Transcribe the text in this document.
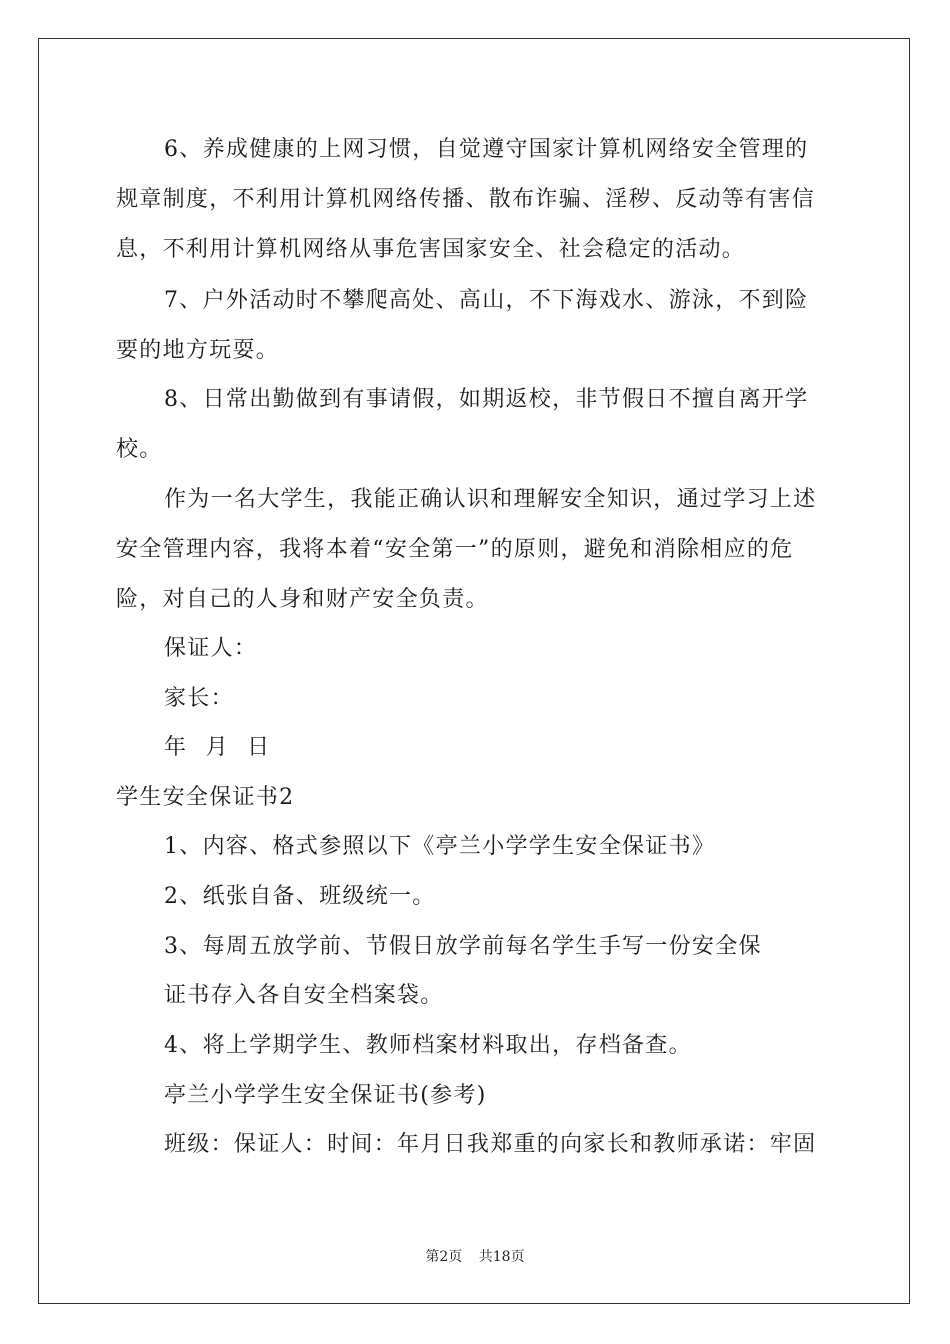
6、养成健康的上网习惯，自觉遵守国家计算机网络安全管理的
规章制度，不利用计算机网络传播、散布诈骗、淫秽、反动等有害信
息，不利用计算机网络从事危害国家安全、社会稳定的活动。
7、户外活动时不攀爬高处、高山，不下海戏水、游泳，不到险
要的地方玩耍。
8、日常出勤做到有事请假，如期返校，非节假日不擅自离开学
校。
作为一名大学生，我能正确认识和理解安全知识，通过学习上述
安全管理内容，我将本着“安全第一”的原则，避免和消除相应的危
险，对自己的人身和财产安全负责。
保证人：
家长：
年 月 日
学生安全保证书2
1、内容、格式参照以下《亭兰小学学生安全保证书》
2、纸张自备、班级统一。
3、每周五放学前、节假日放学前每名学生手写一份安全保
证书存入各自安全档案袋。
4、将上学期学生、教师档案材料取出，存档备查。
亭兰小学学生安全保证书(参考)
班级：保证人：时间：年月日我郑重的向家长和教师承诺：牢固
第2页 共18页
